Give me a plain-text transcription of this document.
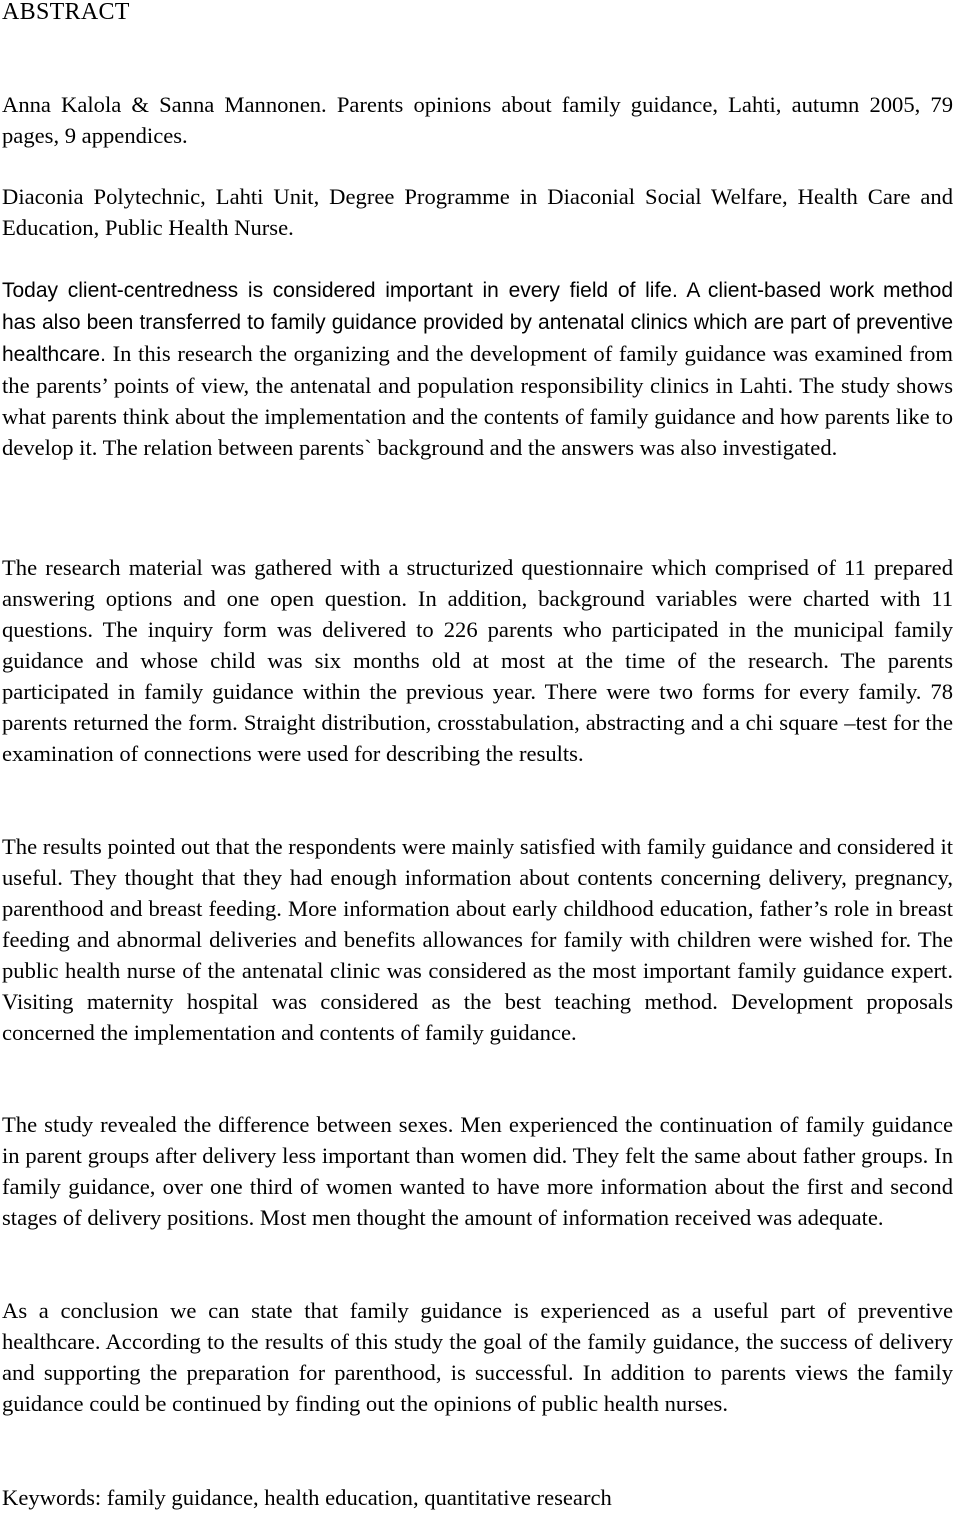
ABSTRACT

Anna Kalola & Sanna Mannonen. Parents opinions about family guidance, Lahti, autumn 2005, 79 pages, 9 appendices.

Diaconia Polytechnic, Lahti Unit, Degree Programme in Diaconial Social Welfare, Health Care and Education, Public Health Nurse.

Today client-centredness is considered important in every field of life. A client-based work method has also been transferred to family guidance provided by antenatal clinics which are part of preventive healthcare. In this research the organizing and the development of family guidance was examined from the parents’ points of view, the antenatal and population responsibility clinics in Lahti. The study shows what parents think about the implementation and the contents of family guidance and how parents like to develop it. The relation between parents` background and the answers was also investigated.

The research material was gathered with a structurized questionnaire which comprised of 11 prepared answering options and one open question. In addition, background variables were charted with 11 questions. The inquiry form was delivered to 226 parents who participated in the municipal family guidance and whose child was six months old at most at the time of the research. The parents participated in family guidance within the previous year. There were two forms for every family. 78 parents returned the form. Straight distribution, crosstabulation, abstracting and a chi square –test for the examination of connections were used for describing the results.

The results pointed out that the respondents were mainly satisfied with family guidance and considered it useful. They thought that they had enough information about contents concerning delivery, pregnancy, parenthood and breast feeding. More information about early childhood education, father’s role in breast feeding and abnormal deliveries and benefits allowances for family with children were wished for. The public health nurse of the antenatal clinic was considered as the most important family guidance expert. Visiting maternity hospital was considered as the best teaching method. Development proposals concerned the implementation and contents of family guidance.

The study revealed the difference between sexes. Men experienced the continuation of family guidance in parent groups after delivery less important than women did. They felt the same about father groups. In family guidance, over one third of women wanted to have more information about the first and second stages of delivery positions. Most men thought the amount of information received was adequate.

As a conclusion we can state that family guidance is experienced as a useful part of preventive healthcare. According to the results of this study the goal of the family guidance, the success of delivery and supporting the preparation for parenthood, is successful. In addition to parents views the family guidance could be continued by finding out the opinions of public health nurses.

Keywords: family guidance, health education, quantitative research
